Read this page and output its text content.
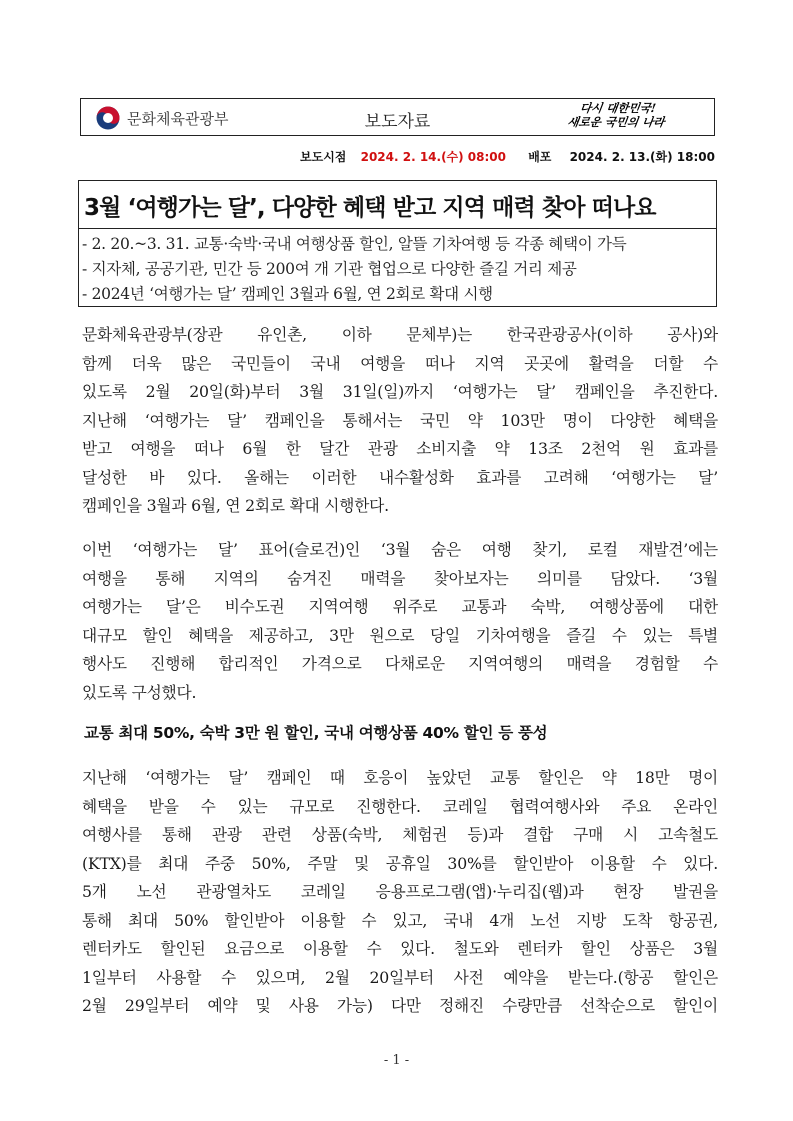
문화체육관광부	보도자료
다시 대한민국!
새로운 국민의 나라
보도시점 2024. 2. 14.(수) 08:00 배포 2024. 2. 13.(화) 18:00
3월 ‘여행가는 달’, 다양한 혜택 받고 지역 매력 찾아 떠나요
- 2. 20.~3. 31. 교통·숙박·국내 여행상품 할인, 알뜰 기차여행 등 각종 혜택이 가득
- 지자체, 공공기관, 민간 등 200여 개 기관 협업으로 다양한 즐길 거리 제공
- 2024년 ‘여행가는 달’ 캠페인 3월과 6월, 연 2회로 확대 시행
문화체육관광부(장관 유인촌, 이하 문체부)는 한국관광공사(이하 공사)와
함께 더욱 많은 국민들이 국내 여행을 떠나 지역 곳곳에 활력을 더할 수
있도록 2월 20일(화)부터 3월 31일(일)까지 ‘여행가는 달’ 캠페인을 추진한다.
지난해 ‘여행가는 달’ 캠페인을 통해서는 국민 약 103만 명이 다양한 혜택을
받고 여행을 떠나 6월 한 달간 관광 소비지출 약 13조 2천억 원 효과를
달성한 바 있다. 올해는 이러한 내수활성화 효과를 고려해 ‘여행가는 달’
캠페인을 3월과 6월, 연 2회로 확대 시행한다.
이번 ‘여행가는 달’ 표어(슬로건)인 ‘3월 숨은 여행 찾기, 로컬 재발견’에는
여행을 통해 지역의 숨겨진 매력을 찾아보자는 의미를 담았다. ‘3월
여행가는 달’은 비수도권 지역여행 위주로 교통과 숙박, 여행상품에 대한
대규모 할인 혜택을 제공하고, 3만 원으로 당일 기차여행을 즐길 수 있는 특별
행사도 진행해 합리적인 가격으로 다채로운 지역여행의 매력을 경험할 수
있도록 구성했다.
교통 최대 50%, 숙박 3만 원 할인, 국내 여행상품 40% 할인 등 풍성
지난해 ‘여행가는 달’ 캠페인 때 호응이 높았던 교통 할인은 약 18만 명이
혜택을 받을 수 있는 규모로 진행한다. 코레일 협력여행사와 주요 온라인
여행사를 통해 관광 관련 상품(숙박, 체험권 등)과 결합 구매 시 고속철도
(KTX)를 최대 주중 50%, 주말 및 공휴일 30%를 할인받아 이용할 수 있다.
5개 노선 관광열차도 코레일 응용프로그램(앱)·누리집(웹)과 현장 발권을
통해 최대 50% 할인받아 이용할 수 있고, 국내 4개 노선 지방 도착 항공권,
렌터카도 할인된 요금으로 이용할 수 있다. 철도와 렌터카 할인 상품은 3월
1일부터 사용할 수 있으며, 2월 20일부터 사전 예약을 받는다.(항공 할인은
2월 29일부터 예약 및 사용 가능) 다만 정해진 수량만큼 선착순으로 할인이
- 1 -
